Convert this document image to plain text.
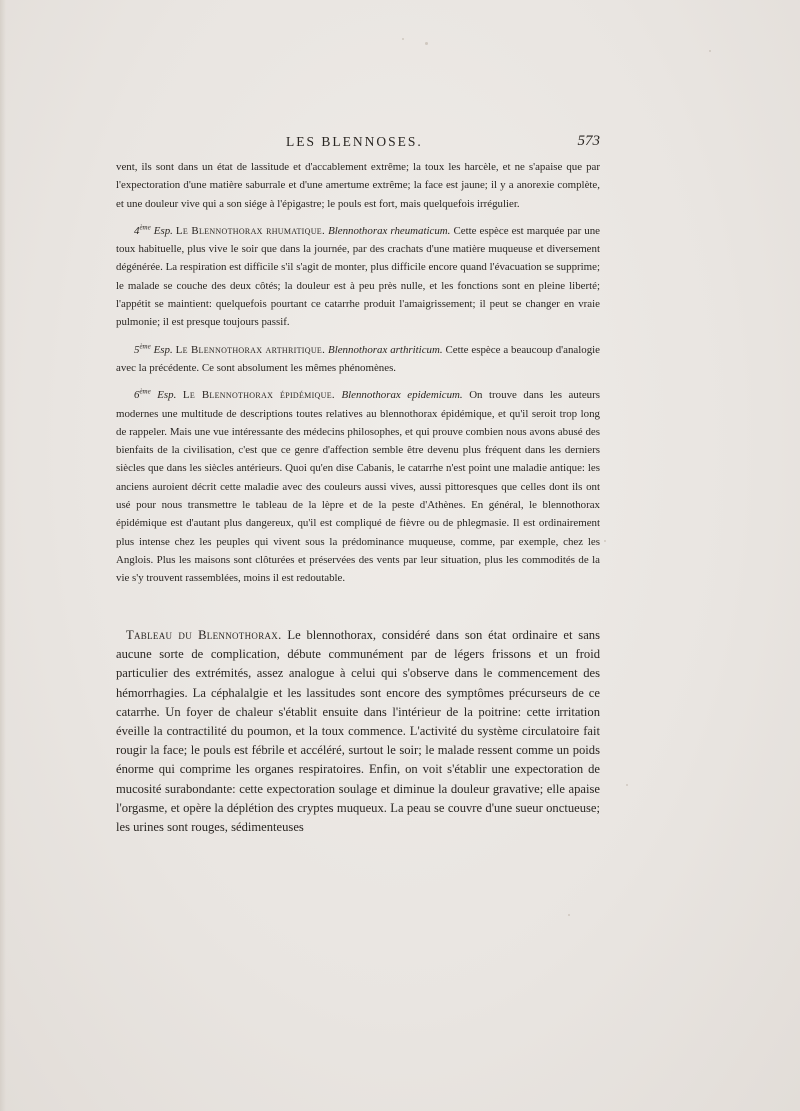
LES BLENNOSES.	573

vent, ils sont dans un état de lassitude et d'accablement extrême; la toux les harcèle, et ne s'apaise que par l'expectoration d'une matière saburrale et d'une amertume extrême; la face est jaune; il y a anorexie complète, et une douleur vive qui a son siége à l'épigastre; le pouls est fort, mais quelquefois irrégulier.

4ème Esp. Le Blennothorax rhumatique. Blennothorax rheumaticum. Cette espèce est marquée par une toux habituelle, plus vive le soir que dans la journée, par des crachats d'une matière muqueuse et diversement dégénérée. La respiration est difficile s'il s'agit de monter, plus difficile encore quand l'évacuation se supprime; le malade se couche des deux côtés; la douleur est à peu près nulle, et les fonctions sont en pleine liberté; l'appétit se maintient: quelquefois pourtant ce catarrhe produit l'amaigrissement; il peut se changer en vraie pulmonie; il est presque toujours passif.

5ème Esp. Le Blennothorax arthritique. Blennothorax arthriticum. Cette espèce a beaucoup d'analogie avec la précédente. Ce sont absolument les mêmes phénomènes.

6ème Esp. Le Blennothorax épidémique. Blennothorax epidemicum. On trouve dans les auteurs modernes une multitude de descriptions toutes relatives au blennothorax épidémique, et qu'il seroit trop long de rappeler. Mais une vue intéressante des médecins philosophes, et qui prouve combien nous avons abusé des bienfaits de la civilisation, c'est que ce genre d'affection semble être devenu plus fréquent dans les derniers siècles que dans les siècles antérieurs. Quoi qu'en dise Cabanis, le catarrhe n'est point une maladie antique: les anciens auroient décrit cette maladie avec des couleurs aussi vives, aussi pittoresques que celles dont ils ont usé pour nous transmettre le tableau de la lèpre et de la peste d'Athènes. En général, le blennothorax épidémique est d'autant plus dangereux, qu'il est compliqué de fièvre ou de phlegmasie. Il est ordinairement plus intense chez les peuples qui vivent sous la prédominance muqueuse, comme, par exemple, chez les Anglois. Plus les maisons sont clôturées et préservées des vents par leur situation, plus les commodités de la vie s'y trouvent rassemblées, moins il est redoutable.

Tableau du Blennothorax. Le blennothorax, considéré dans son état ordinaire et sans aucune sorte de complication, débute communément par de légers frissons et un froid particulier des extrémités, assez analogue à celui qui s'observe dans le commencement des hémorrhagies. La céphalalgie et les lassitudes sont encore des symptômes précurseurs de ce catarrhe. Un foyer de chaleur s'établit ensuite dans l'intérieur de la poitrine: cette irritation éveille la contractilité du poumon, et la toux commence. L'activité du système circulatoire fait rougir la face; le pouls est fébrile et accéléré, surtout le soir; le malade ressent comme un poids énorme qui comprime les organes respiratoires. Enfin, on voit s'établir une expectoration de mucosité surabondante: cette expectoration soulage et diminue la douleur gravative; elle apaise l'orgasme, et opère la déplétion des cryptes muqueux. La peau se couvre d'une sueur onctueuse; les urines sont rouges, sédimenteuses
